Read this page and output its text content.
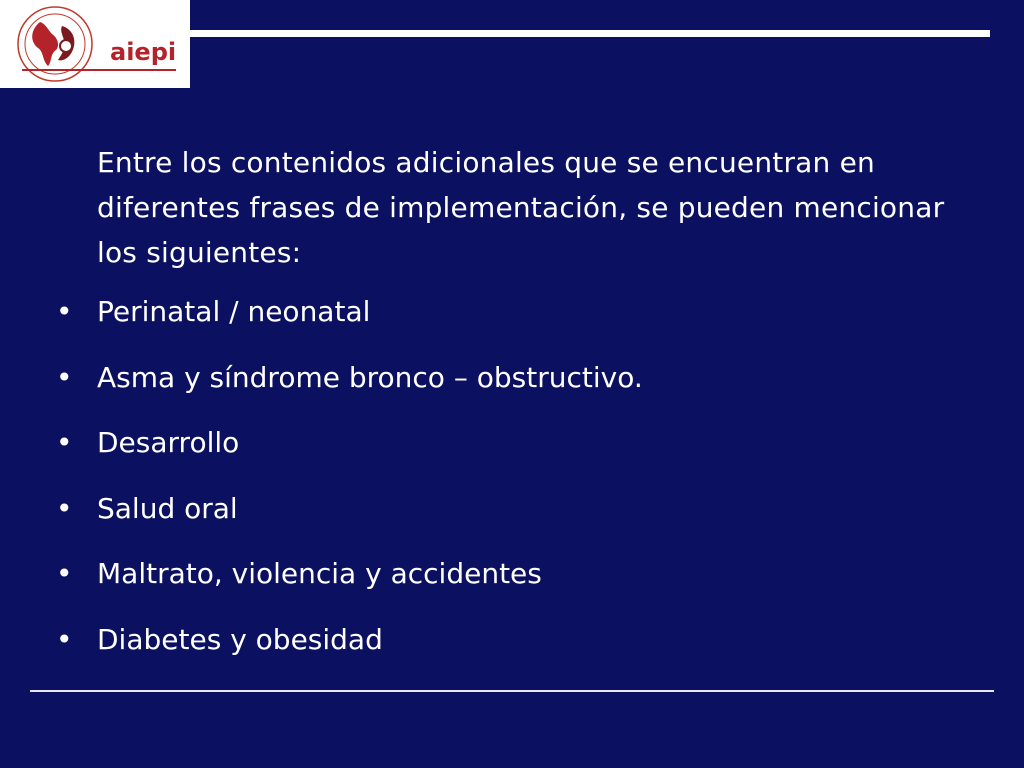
aiepi

Entre los contenidos adicionales que se encuentran en diferentes frases de implementación, se pueden mencionar los siguientes:

• Perinatal / neonatal
• Asma y síndrome bronco – obstructivo.
• Desarrollo
• Salud oral
• Maltrato, violencia y accidentes
• Diabetes y obesidad
